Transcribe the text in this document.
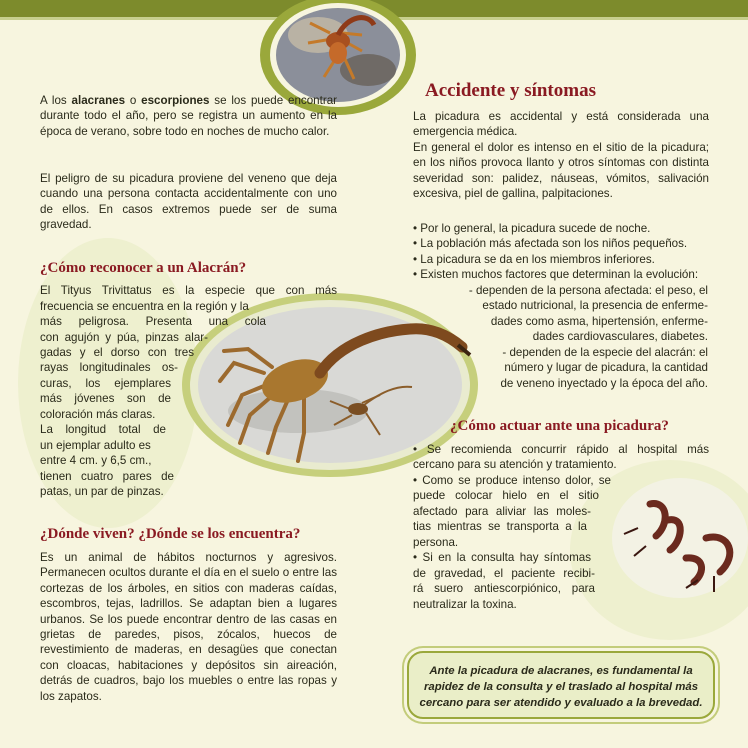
A los alacranes o escorpiones se los puede encontrar durante todo el año, pero se registra un aumento en la época de verano, sobre todo en noches de mucho calor.

El peligro de su picadura proviene del veneno que deja cuando una persona contacta accidentalmente con uno de ellos. En casos extremos puede ser de suma gravedad.

¿Cómo reconocer a un Alacrán?

El Tityus Trivittatus es la especie que con más

frecuencia se encuentra en la región y la

más peligrosa. Presenta una cola

con agujón y púa, pinzas alar-

gadas y el dorso con tres

rayas longitudinales os-

curas, los ejemplares

más jóvenes son de

coloración más claras.

La longitud total de

un ejemplar adulto es

entre 4 cm. y 6,5 cm.,

tienen cuatro pares de

patas, un par de pinzas.

¿Dónde viven? ¿Dónde se los encuentra?

Es un animal de hábitos nocturnos y agresivos. Permanecen ocultos durante el día en el suelo o entre las cortezas de los árboles, en sitios con maderas caídas, escombros, tejas, ladrillos. Se adaptan bien a lugares urbanos. Se los puede encontrar dentro de las casas en grietas de paredes, pisos, zócalos, huecos de revestimiento de maderas, en desagües que conectan con cloacas, habitaciones y depósitos sin aireación, detrás de cuadros, bajo los muebles o entre las ropas y los zapatos.

Accidente y síntomas

La picadura es accidental y está considerada una emergencia médica.

En general el dolor es intenso en el sitio de la picadura; en los niños provoca llanto y otros síntomas con distinta severidad son: palidez, náuseas, vómitos, salivación excesiva, piel de gallina, palpitaciones.

• Por lo general, la picadura sucede de noche.

• La población más afectada son los niños pequeños.

• La picadura se da en los miembros inferiores.

• Existen muchos factores que determinan la evolución:

- dependen de la persona afectada: el peso, el

estado nutricional, la presencia de enferme-

dades como asma, hipertensión, enferme-

dades cardiovasculares, diabetes.

- dependen de la especie del alacrán: el

número y lugar de picadura, la cantidad

de veneno inyectado y la época del año.

¿Cómo actuar ante una picadura?

• Se recomienda concurrir rápido al hospital más

cercano para su atención y tratamiento.

• Como se produce intenso dolor, se

puede colocar hielo en el sitio

afectado para aliviar las moles-

tias mientras se transporta a la

persona.

• Si en la consulta hay síntomas

de gravedad, el paciente recibi-

rá suero antiescorpiónico, para

neutralizar la toxina.

Ante la picadura de alacranes, es fundamental la rapidez de la consulta y el traslado al hospital más cercano para ser atendido y evaluado a la brevedad.
